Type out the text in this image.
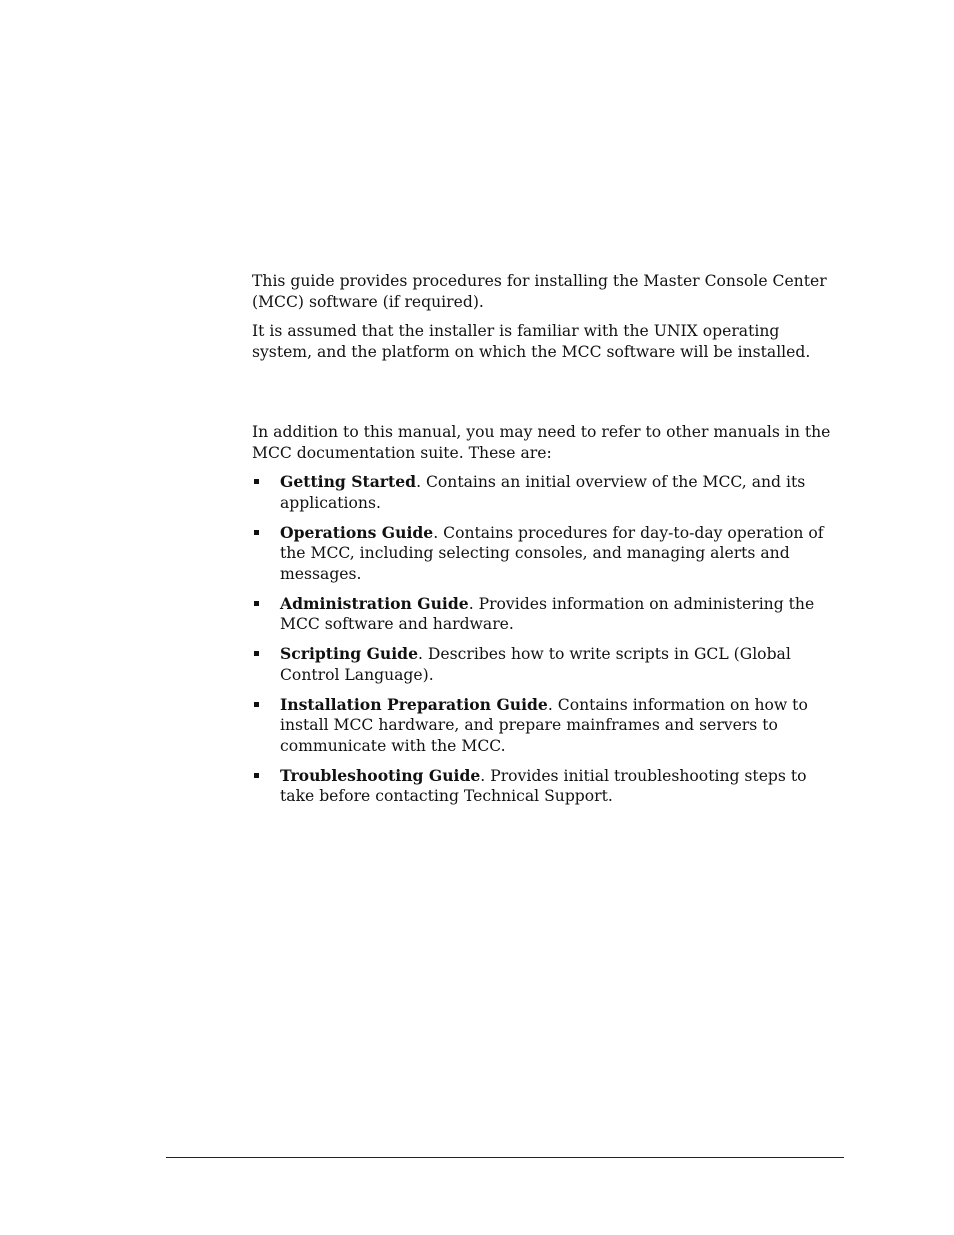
This guide provides procedures for installing the Master Console Center (MCC) software (if required).

It is assumed that the installer is familiar with the UNIX operating system, and the platform on which the MCC software will be installed.

In addition to this manual, you may need to refer to other manuals in the MCC documentation suite. These are:

Getting Started. Contains an initial overview of the MCC, and its applications.
Operations Guide. Contains procedures for day-to-day operation of the MCC, including selecting consoles, and managing alerts and messages.
Administration Guide. Provides information on administering the MCC software and hardware.
Scripting Guide. Describes how to write scripts in GCL (Global Control Language).
Installation Preparation Guide. Contains information on how to install MCC hardware, and prepare mainframes and servers to communicate with the MCC.
Troubleshooting Guide. Provides initial troubleshooting steps to take before contacting Technical Support.
